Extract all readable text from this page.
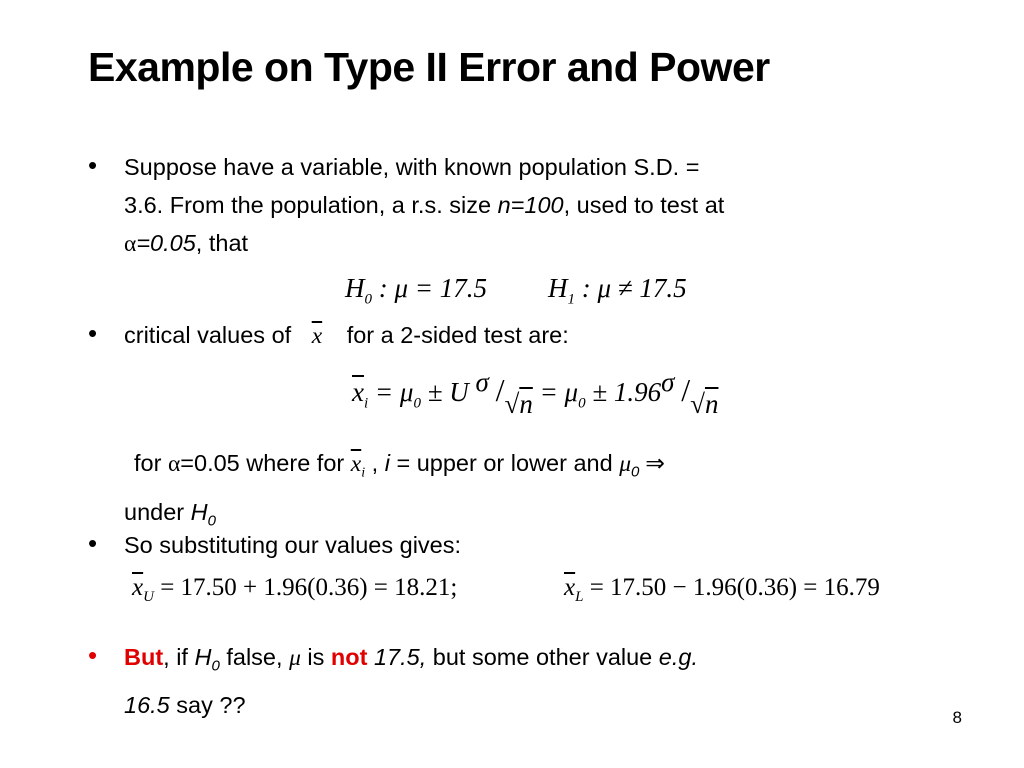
Example on Type II Error and Power
• Suppose have a variable, with known population S.D. =
3.6. From the population, a r.s. size n=100, used to test at
α=0.05, that
$H_0$ : μ = 17.5 $H_1$ : μ ≠ 17.5
• critical values of $\overline{x}$ for a 2-sided test are:
$\overline{x}_i = \mu_0 \pm U$ σ $/√n = \mu_0 \pm 1.96\sigma$ /√n
for α=0.05 where for $\overline{x}_i$ , i = upper or lower and $\mu_0$ ⇒
under $H_0$
• So substituting our values gives:
$\overline{x}_U = 17.50 + 1.96(0.36) = 18.21$;	$\overline{x}_L = 17.50 - 1.96(0.36) = 16.79$
• But, if $H_0$ false, μ is not 17.5, but some other value e.g.
16.5 say ??	8
